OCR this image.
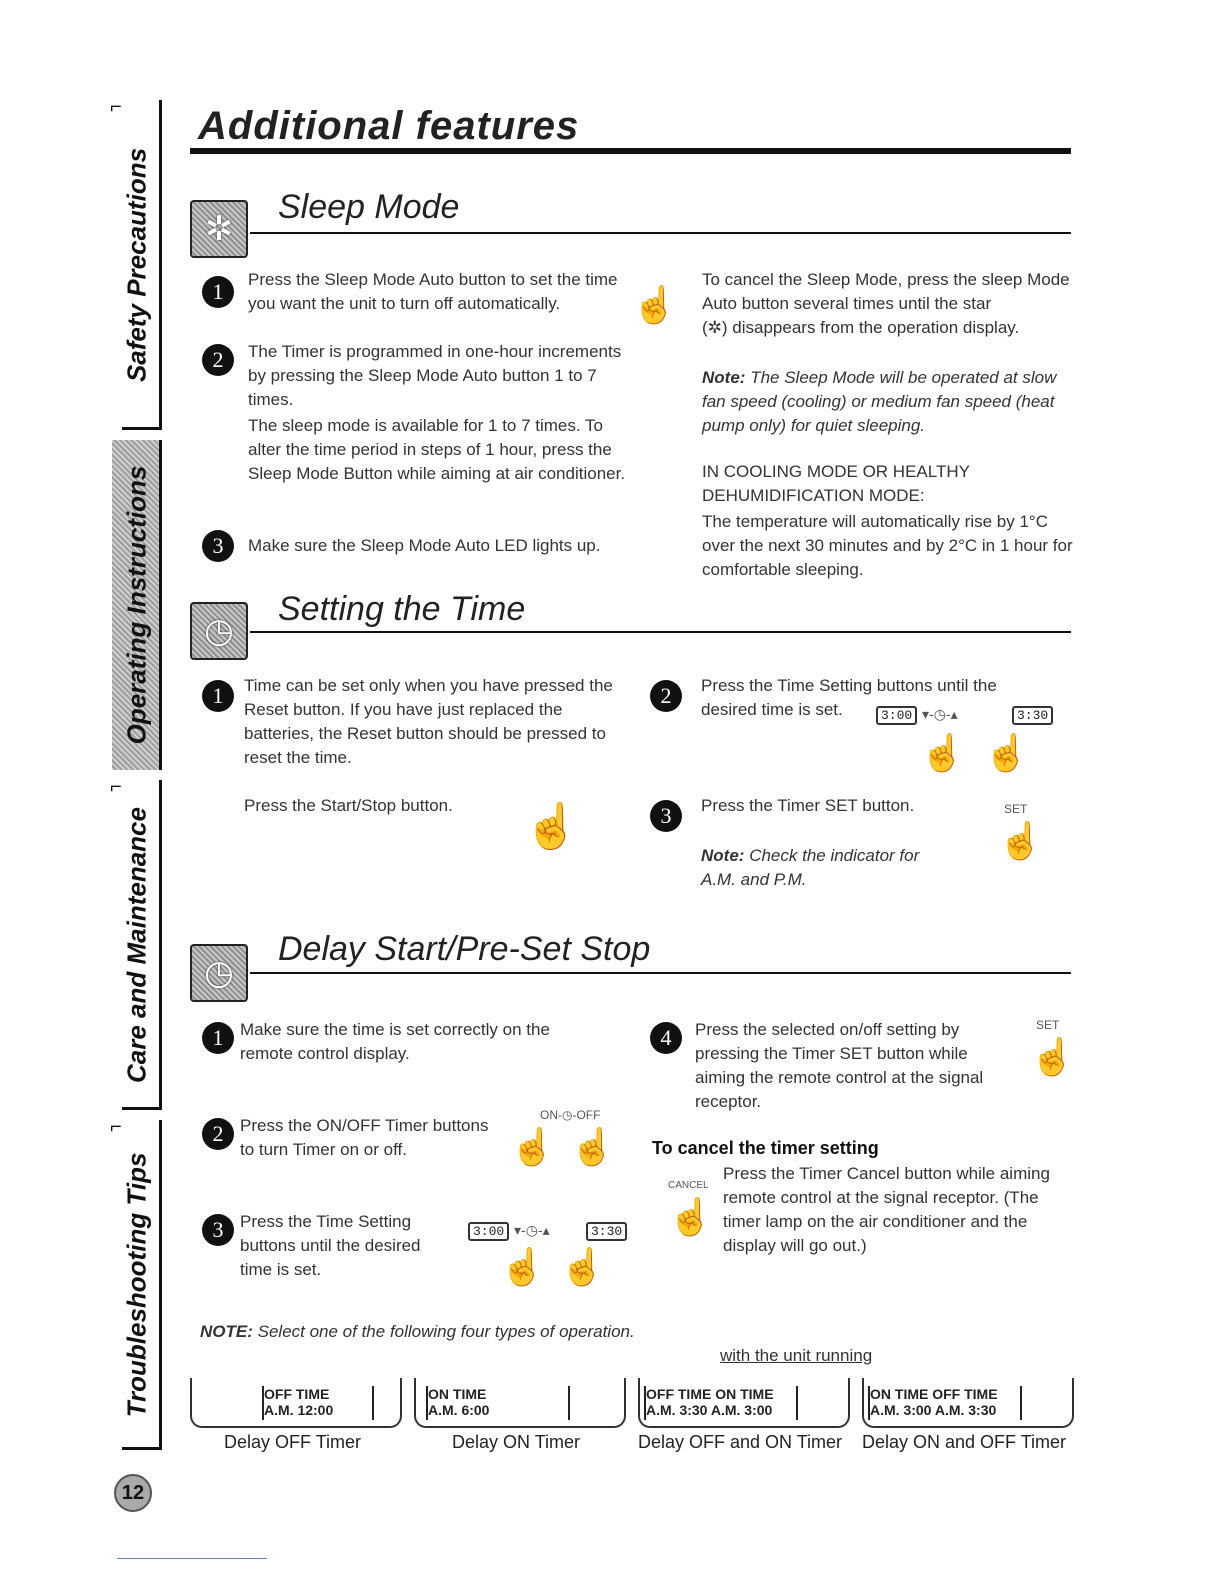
⌐
Safety Precautions
Operating Instructions
⌐
Care and Maintenance
⌐
Troubleshooting Tips
Additional features
✲
Sleep Mode
1	Press the Sleep Mode Auto button to set the time you want the unit to turn off automatically.	☝
2	The Timer is programmed in one-hour increments by pressing the Sleep Mode Auto button 1 to 7 times.
The sleep mode is available for 1 to 7 times. To alter the time period in steps of 1 hour, press the Sleep Mode Button while aiming at air conditioner.
3	Make sure the Sleep Mode Auto LED lights up.
To cancel the Sleep Mode, press the sleep Mode Auto button several times until the star
(✲) disappears from the operation display.
Note: The Sleep Mode will be operated at slow fan speed (cooling) or medium fan speed (heat pump only) for quiet sleeping.
IN COOLING MODE OR HEALTHY DEHUMIDIFICATION MODE:
The temperature will automatically rise by 1°C over the next 30 minutes and by 2°C in 1 hour for comfortable sleeping.
◷
Setting the Time
1	Time can be set only when you have pressed the Reset button. If you have just replaced the batteries, the Reset button should be pressed to reset the time.
Press the Start/Stop button. ☝
2	Press the Time Setting buttons until the desired time is set.	3:00 ▾-◷-▴	3:30
☝ ☝
3	Press the Timer SET button.	SET
☝
Note: Check the indicator for A.M. and P.M.
◷
Delay Start/Pre-Set Stop
1 Make sure the time is set correctly on the remote control display.
2 Press the ON/OFF Timer buttons to turn Timer on or off.
ON-◷-OFF
☝ ☝
3 Press the Time Setting buttons until the desired time is set.
3:00 ▾-◷-▴	3:30
☝ ☝
4	Press the selected on/off setting by pressing the Timer SET button while aiming the remote control at the signal receptor.
SET
☝
To cancel the timer setting
CANCEL
☝
Press the Timer Cancel button while aiming remote control at the signal receptor. (The timer lamp on the air conditioner and the display will go out.)
NOTE: Select one of the following four types of operation.
with the unit running
OFF TIME
A.M. 12:00
Delay OFF Timer
ON TIME
A.M. 6:00
Delay ON Timer
OFF TIME ON TIME
A.M. 3:30 A.M. 3:00
Delay OFF and ON Timer
ON TIME OFF TIME
A.M. 3:00 A.M. 3:30
Delay ON and OFF Timer
12
